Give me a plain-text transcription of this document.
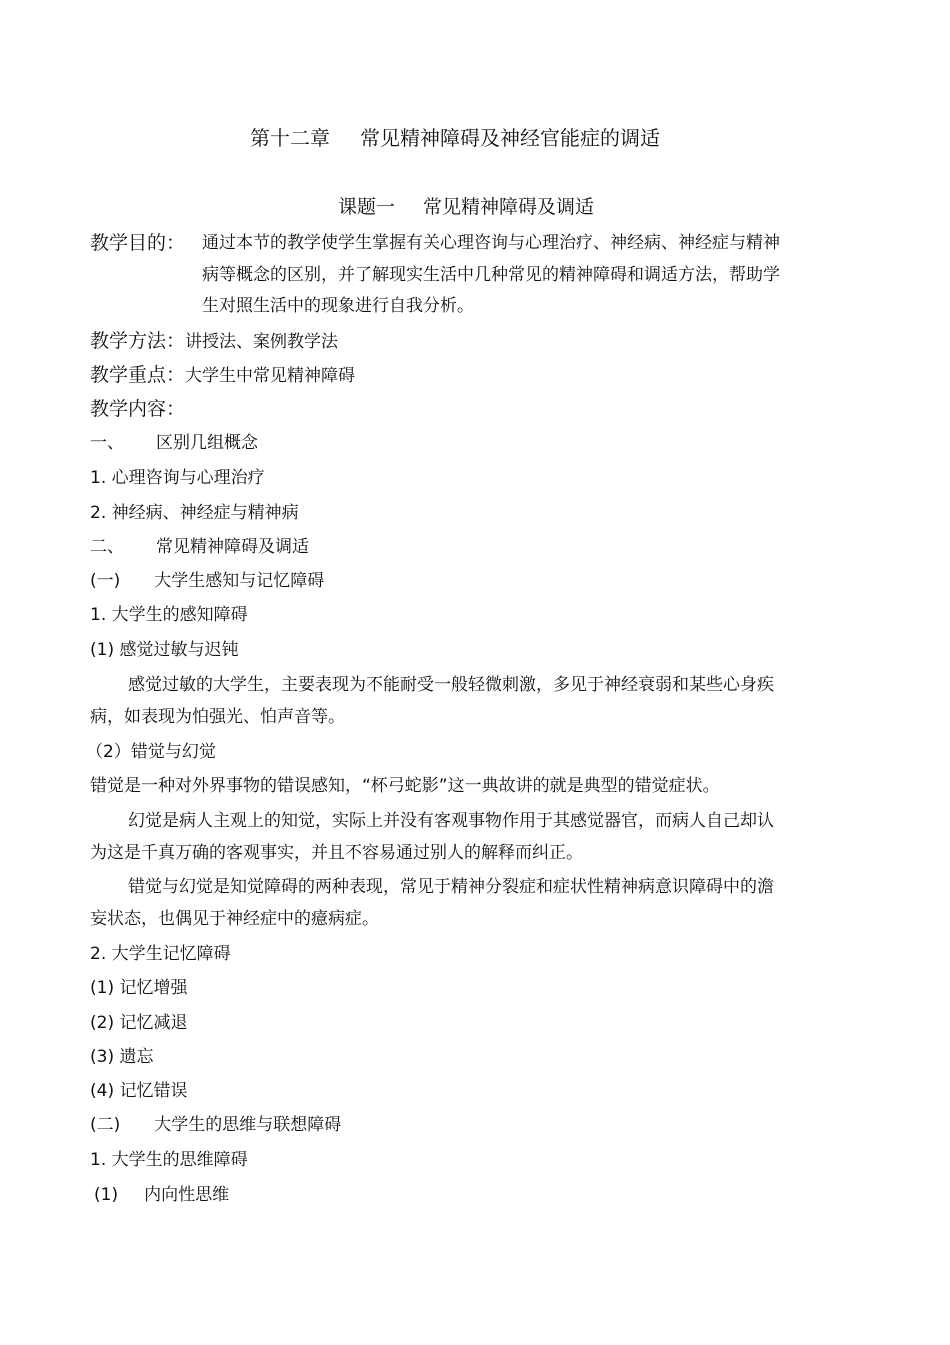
第十二章 常见精神障碍及神经官能症的调适
课题一 常见精神障碍及调适
教学目的： 通过本节的教学使学生掌握有关心理咨询与心理治疗、神经病、神经症与精神
病等概念的区别，并了解现实生活中几种常见的精神障碍和调适方法，帮助学
生对照生活中的现象进行自我分析。
教学方法：讲授法、案例教学法
教学重点：大学生中常见精神障碍
教学内容：
一、 区别几组概念
1. 心理咨询与心理治疗
2. 神经病、神经症与精神病
二、 常见精神障碍及调适
(一) 大学生感知与记忆障碍
1. 大学生的感知障碍
(1) 感觉过敏与迟钝
感觉过敏的大学生，主要表现为不能耐受一般轻微刺激，多见于神经衰弱和某些心身疾
病，如表现为怕强光、怕声音等。
（2）错觉与幻觉
错觉是一种对外界事物的错误感知，“杯弓蛇影”这一典故讲的就是典型的错觉症状。
幻觉是病人主观上的知觉，实际上并没有客观事物作用于其感觉器官，而病人自己却认
为这是千真万确的客观事实，并且不容易通过别人的解释而纠正。
错觉与幻觉是知觉障碍的两种表现，常见于精神分裂症和症状性精神病意识障碍中的澹
妄状态，也偶见于神经症中的癔病症。
2. 大学生记忆障碍
(1) 记忆增强
(2) 记忆减退
(3) 遗忘
(4) 记忆错误
(二) 大学生的思维与联想障碍
1. 大学生的思维障碍
(1) 内向性思维
